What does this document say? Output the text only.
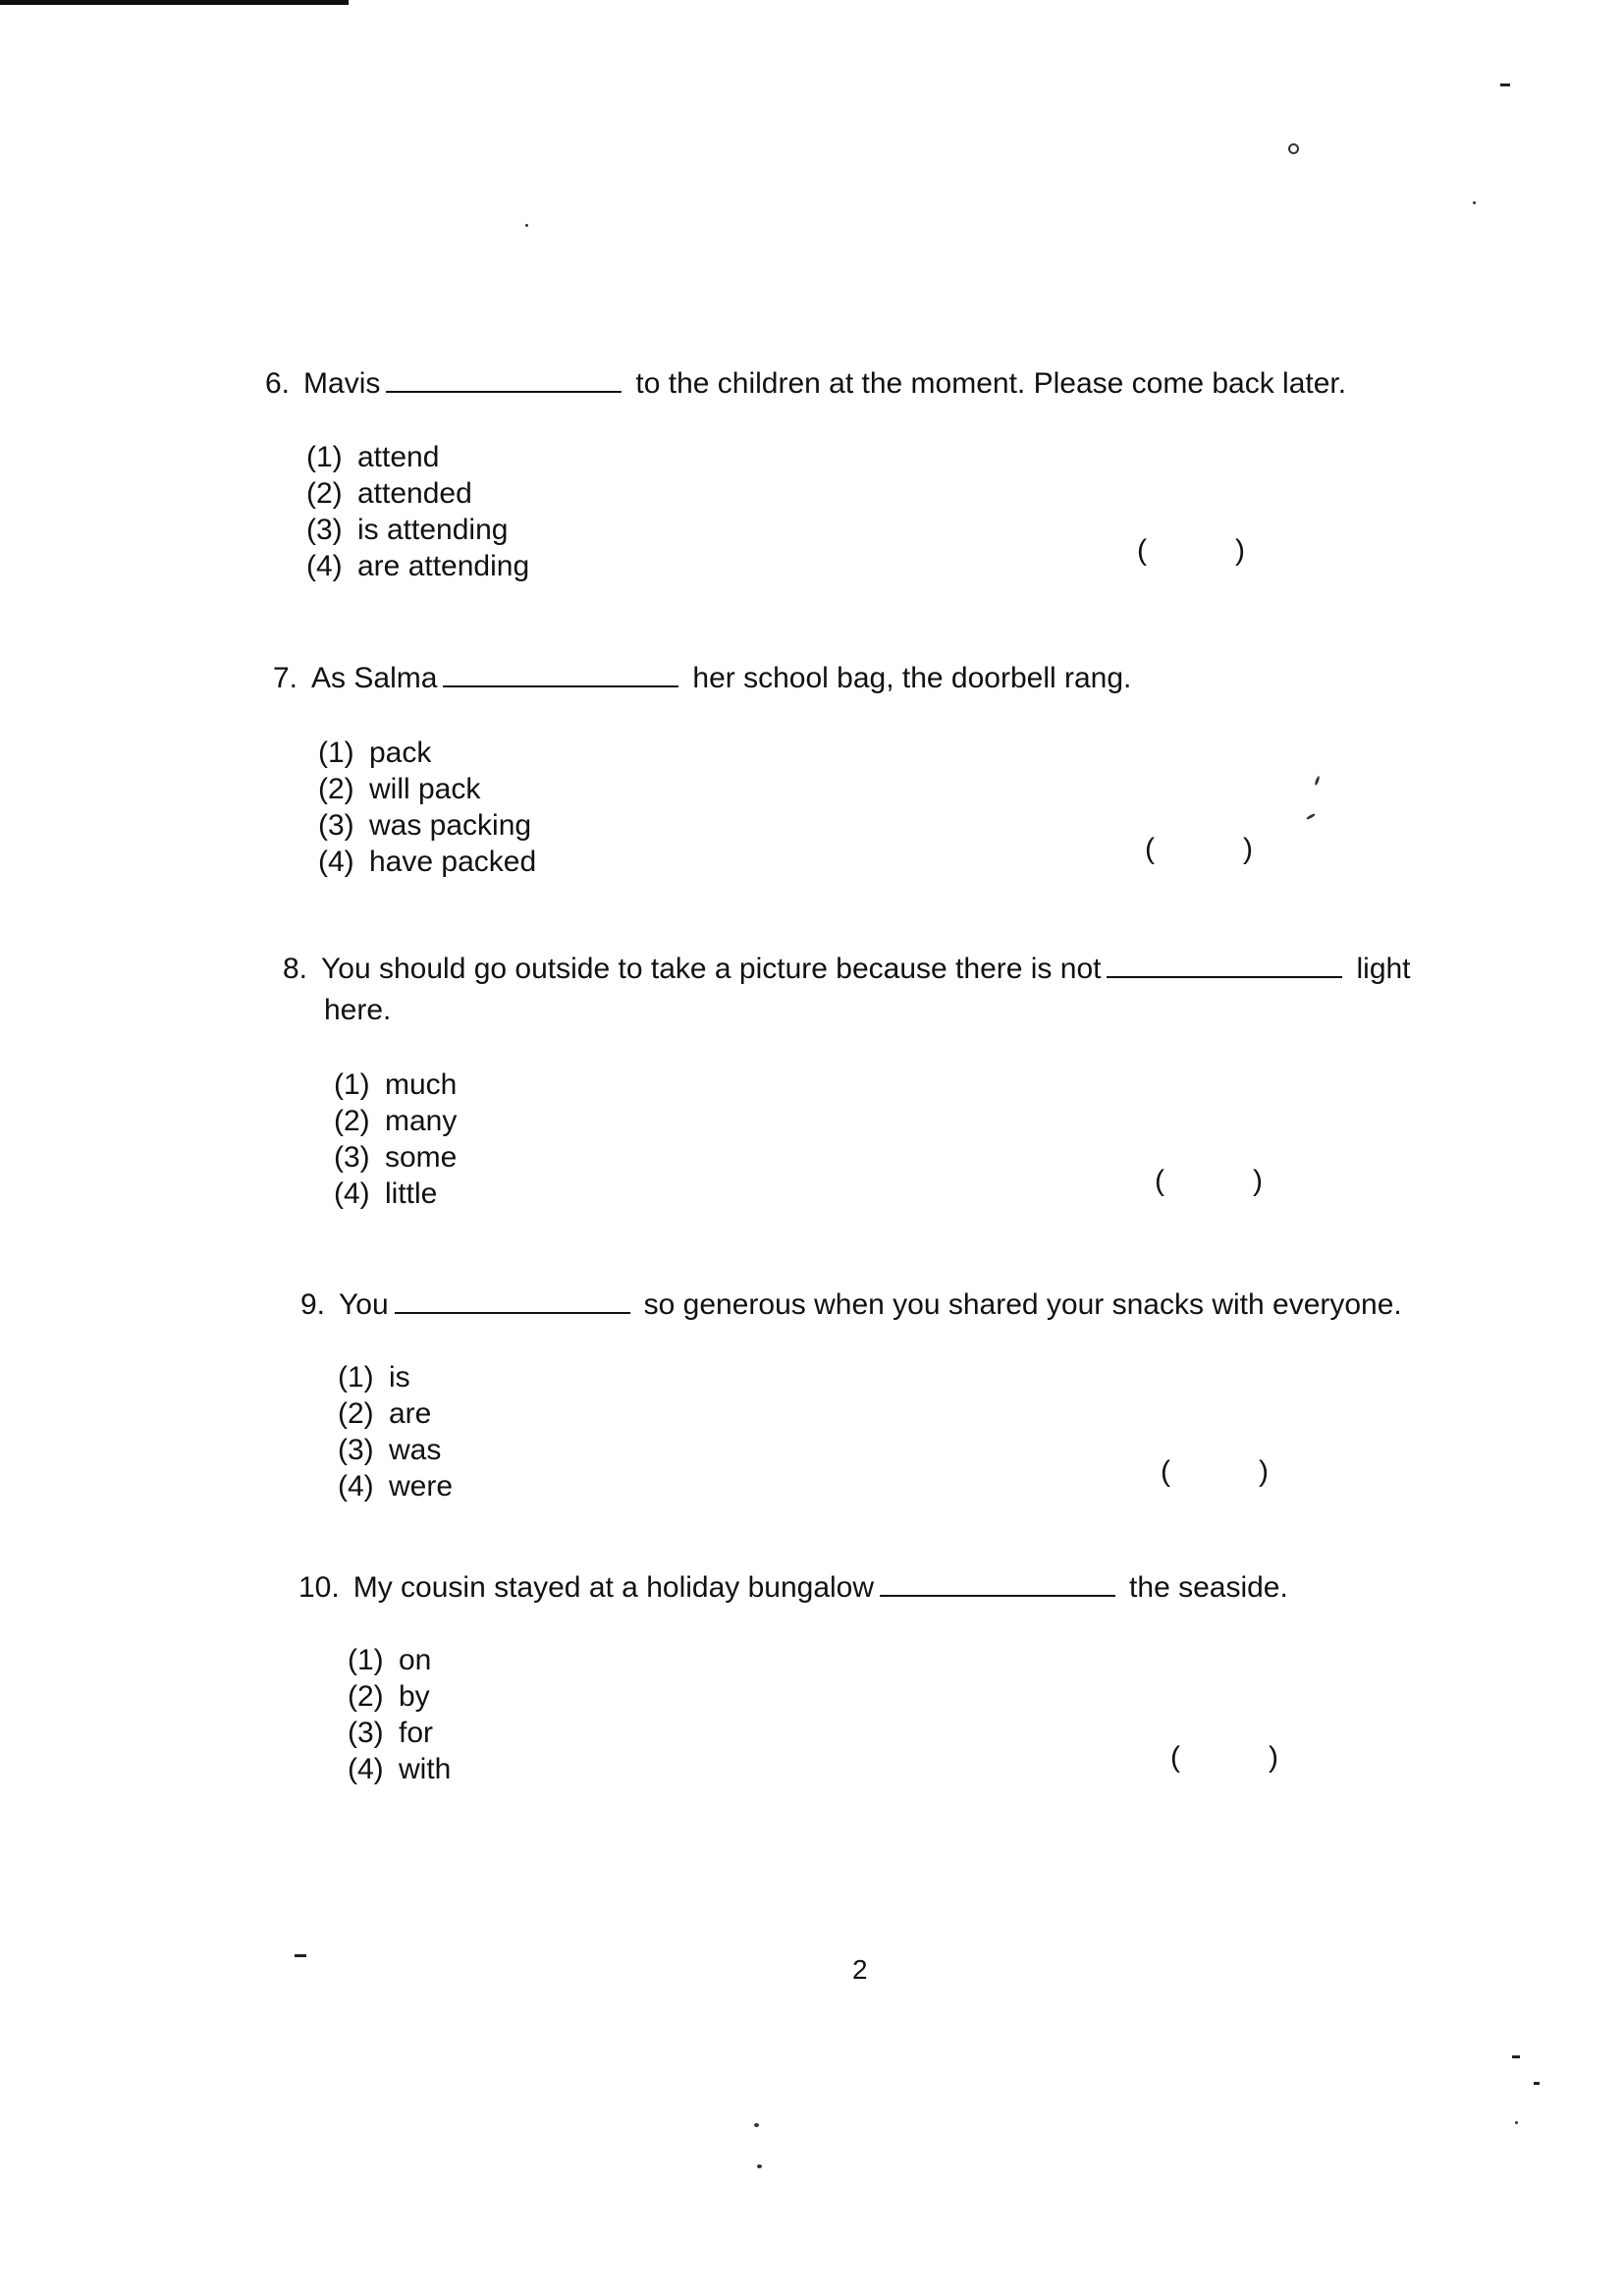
6. Mavis	to the children at the moment. Please come back later.
(1) attend
(2) attended
(3) is attending
(4) are attending	(	)
7. As Salma	her school bag, the doorbell rang.
(1) pack
(2) will pack
(3) was packing
(4) have packed	(	)
8. You should go outside to take a picture because there is not	light
here.
(1) much
(2) many
(3) some
(4) little	(	)
9. You	so generous when you shared your snacks with everyone.
(1) is
(2) are
(3) was
(4) were	(	)
10. My cousin stayed at a holiday bungalow	the seaside.
(1) on
(2) by
(3) for
(4) with	(	)
2
